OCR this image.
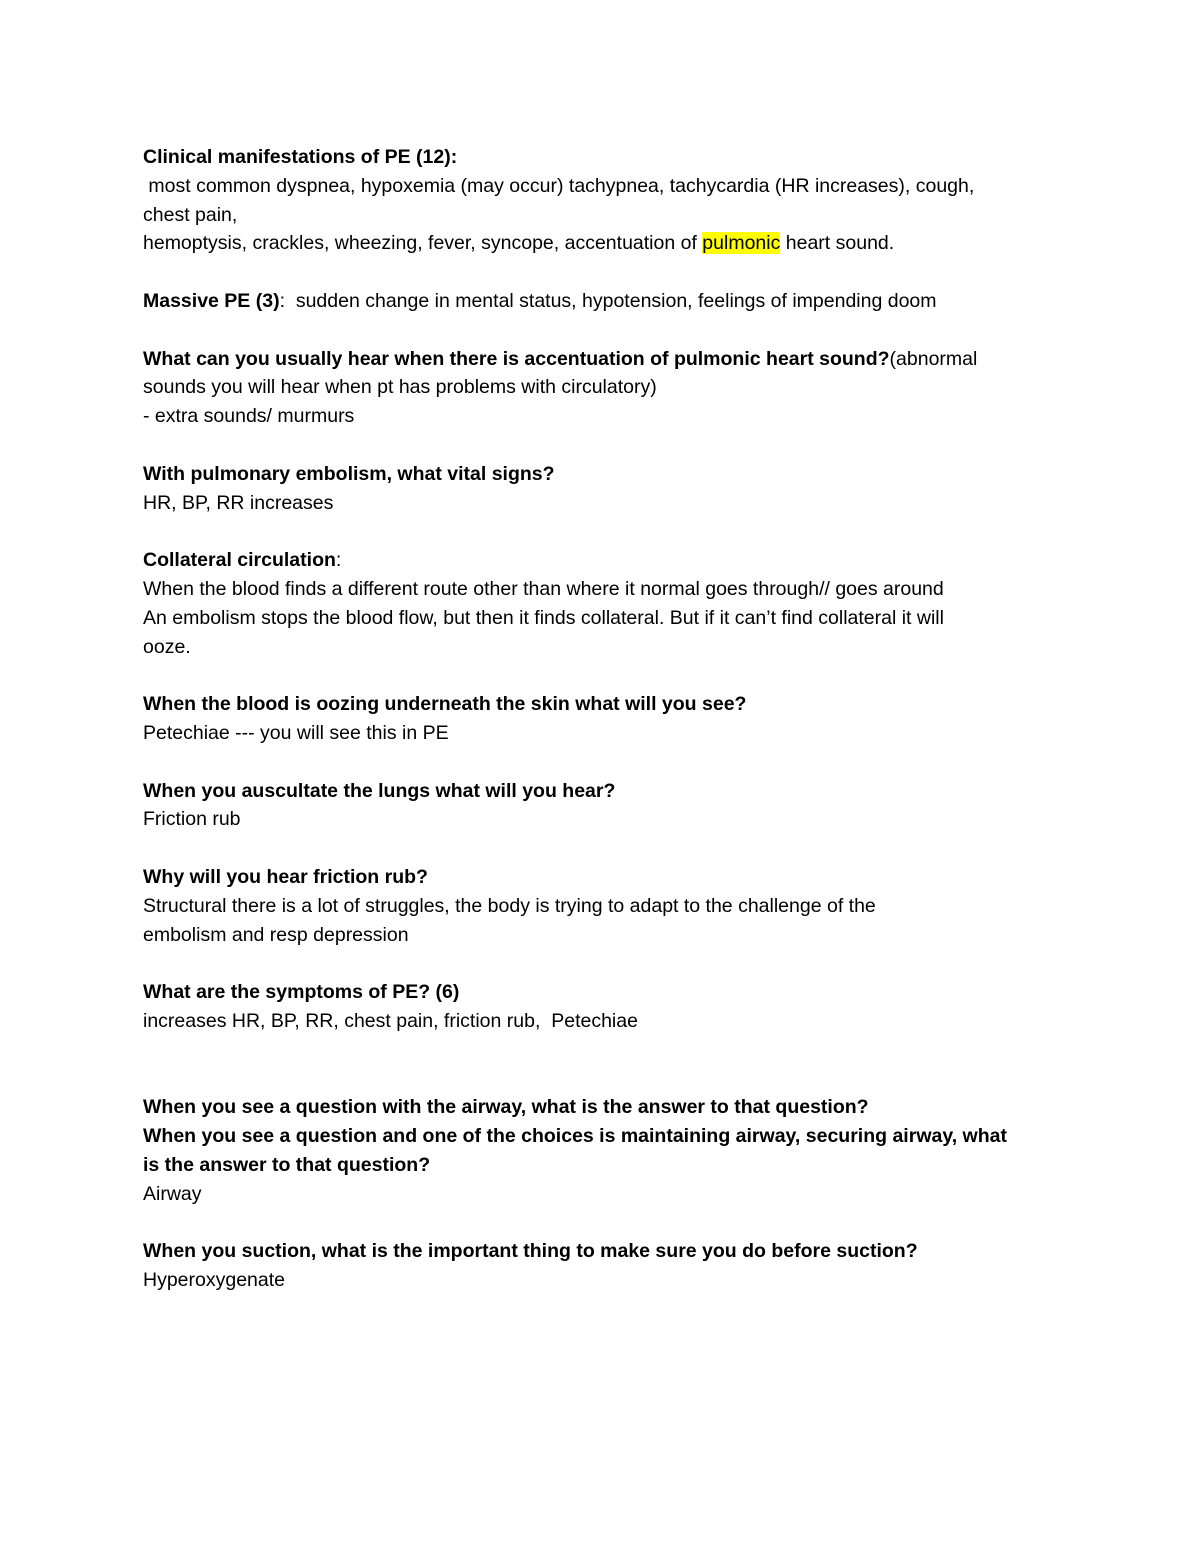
Clinical manifestations of PE (12):
most common dyspnea, hypoxemia (may occur) tachypnea, tachycardia (HR increases), cough,
chest pain,
hemoptysis, crackles, wheezing, fever, syncope, accentuation of pulmonic heart sound.
Massive PE (3):  sudden change in mental status, hypotension, feelings of impending doom
What can you usually hear when there is accentuation of pulmonic heart sound?(abnormal
sounds you will hear when pt has problems with circulatory)
- extra sounds/ murmurs
With pulmonary embolism, what vital signs?
HR, BP, RR increases
Collateral circulation:
When the blood finds a different route other than where it normal goes through// goes around
An embolism stops the blood flow, but then it finds collateral. But if it can’t find collateral it will
ooze.
When the blood is oozing underneath the skin what will you see?
Petechiae --- you will see this in PE
When you auscultate the lungs what will you hear?
Friction rub
Why will you hear friction rub?
Structural there is a lot of struggles, the body is trying to adapt to the challenge of the
embolism and resp depression
What are the symptoms of PE? (6)
increases HR, BP, RR, chest pain, friction rub,  Petechiae
When you see a question with the airway, what is the answer to that question?
When you see a question and one of the choices is maintaining airway, securing airway, what
is the answer to that question?
Airway
When you suction, what is the important thing to make sure you do before suction?
Hyperoxygenate
